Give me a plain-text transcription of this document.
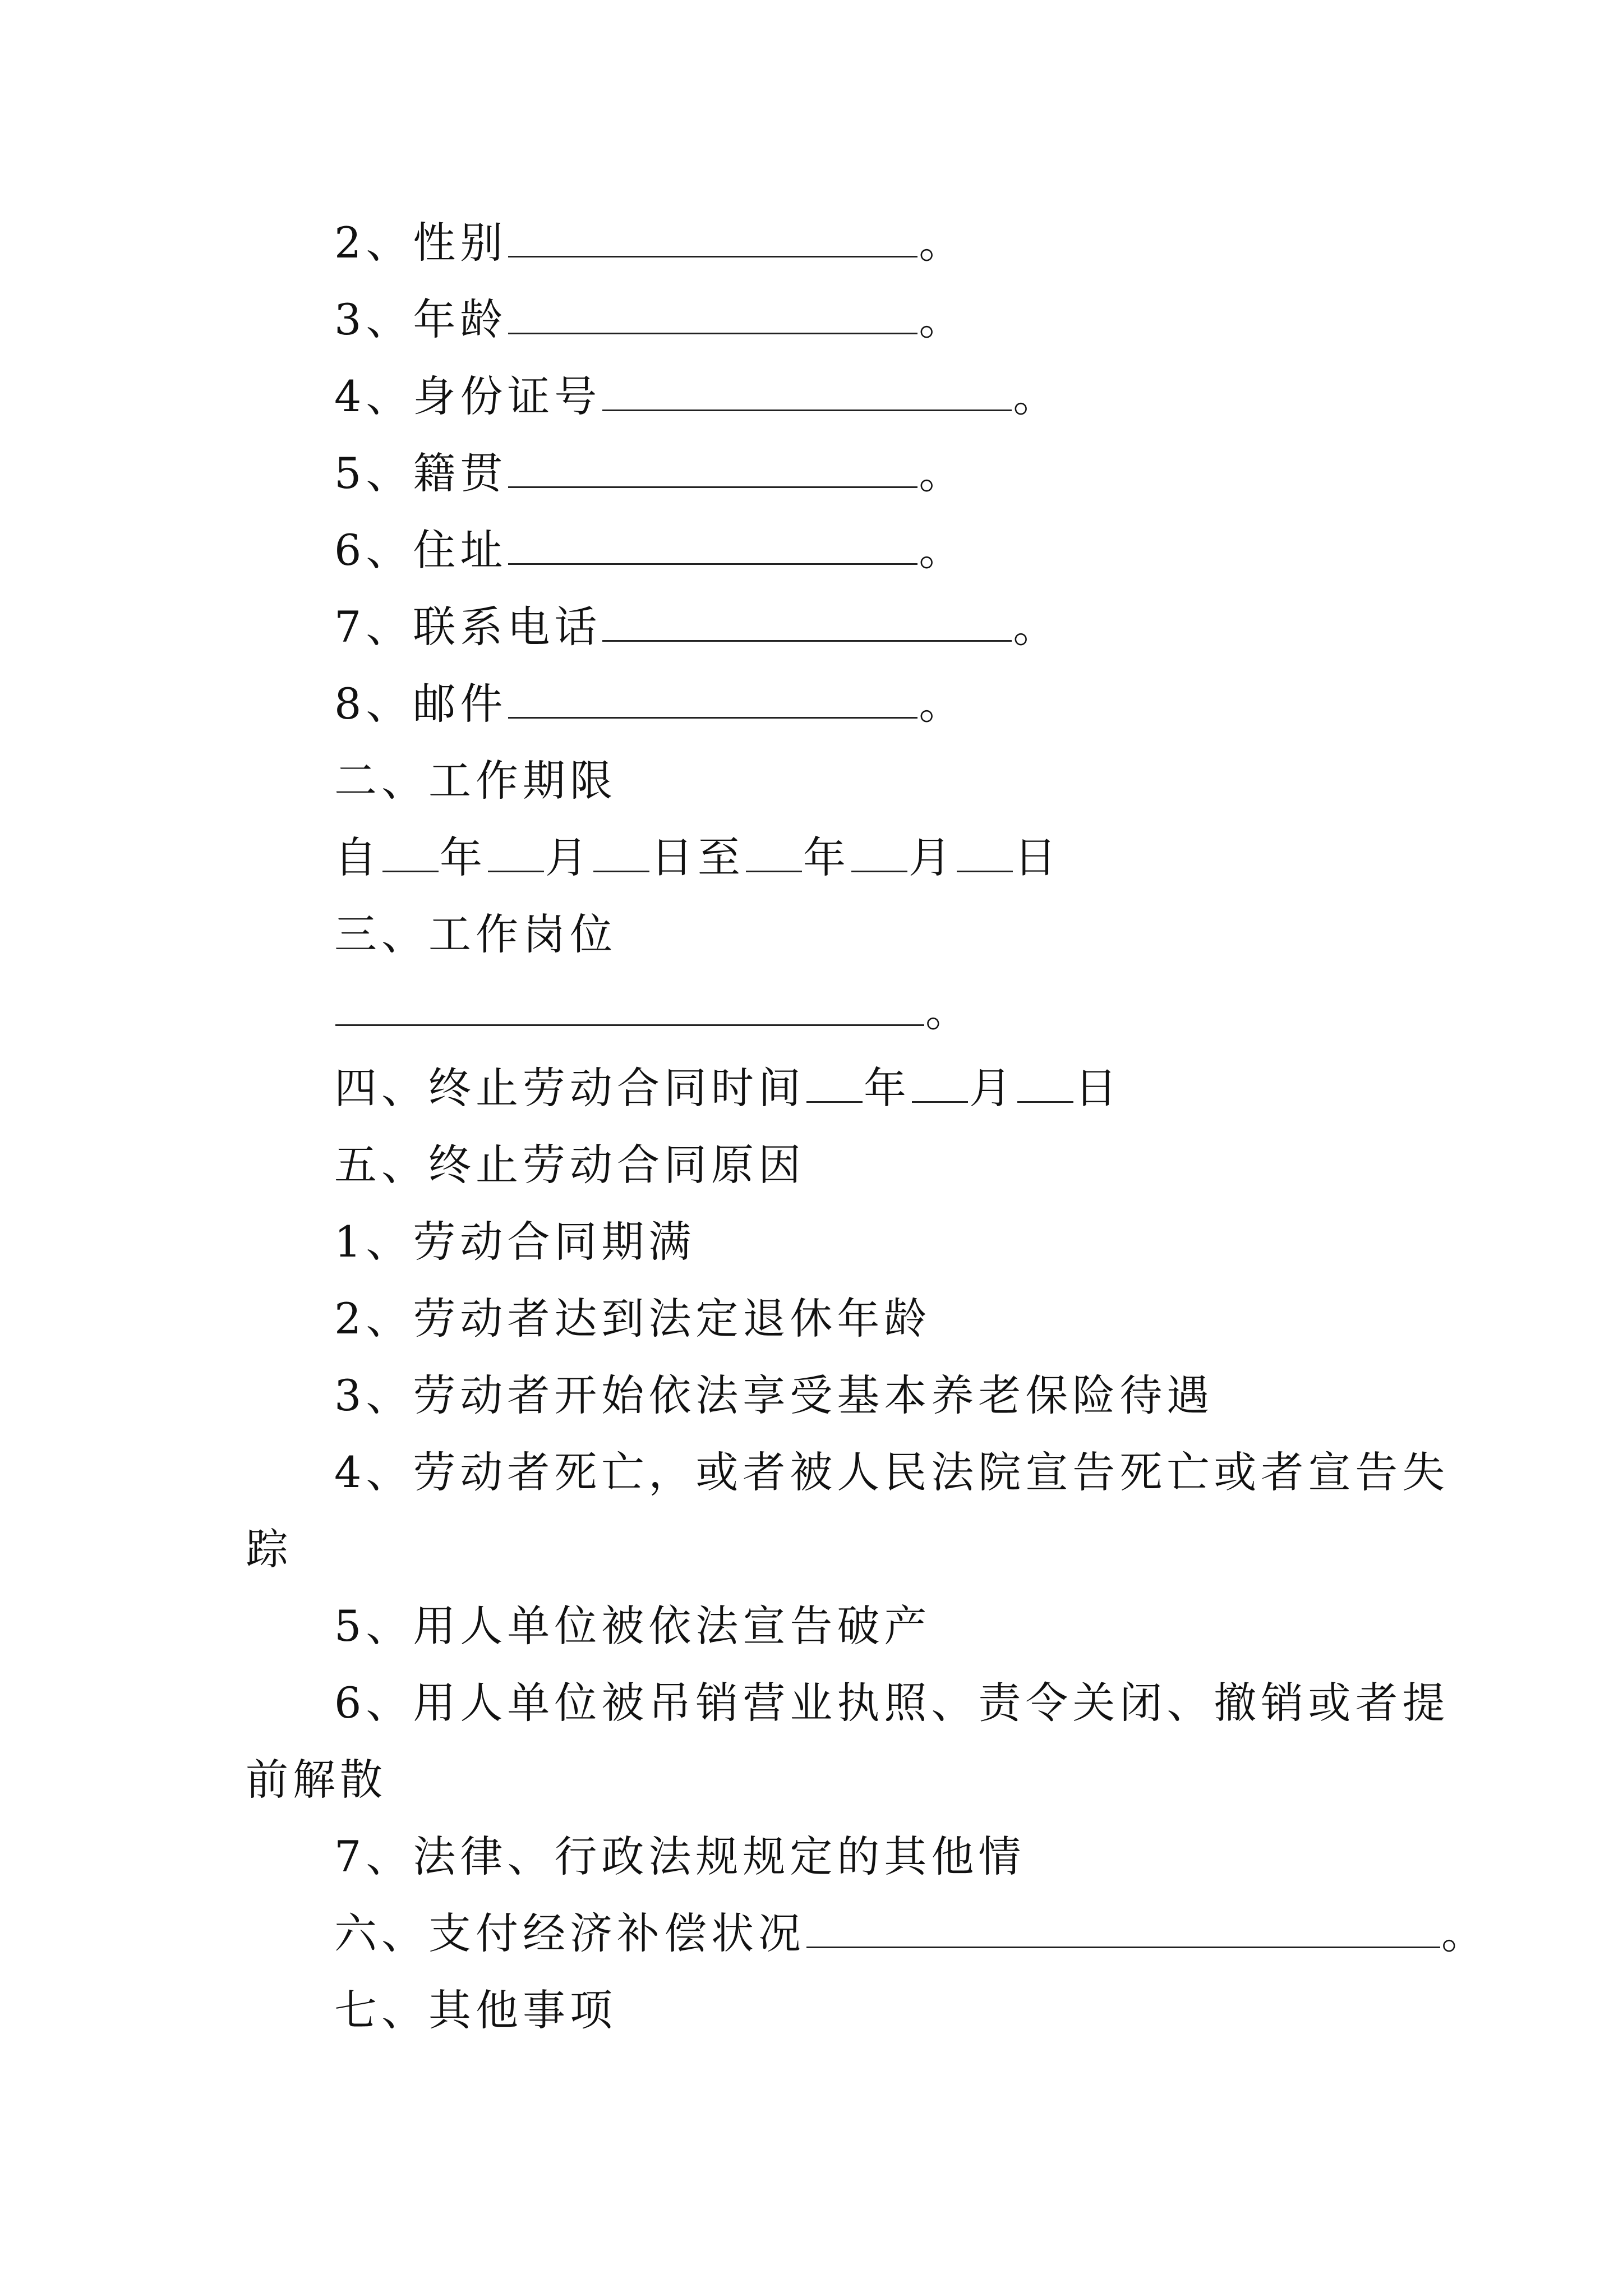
2、性别	。
3、年龄	。
4、身份证号	。
5、籍贯	。
6、住址	。
7、联系电话	。
8、邮件	。
二、工作期限
自 年 月 日至 年 月 日
三、工作岗位
。
四、终止劳动合同时间 年 月 日
五、终止劳动合同原因
1、劳动合同期满
2、劳动者达到法定退休年龄
3、劳动者开始依法享受基本养老保险待遇
4、劳动者死亡，或者被人民法院宣告死亡或者宣告失
踪
5、用人单位被依法宣告破产
6、用人单位被吊销营业执照、责令关闭、撤销或者提
前解散
7、法律、行政法规规定的其他情
六、支付经济补偿状况	。
七、其他事项
